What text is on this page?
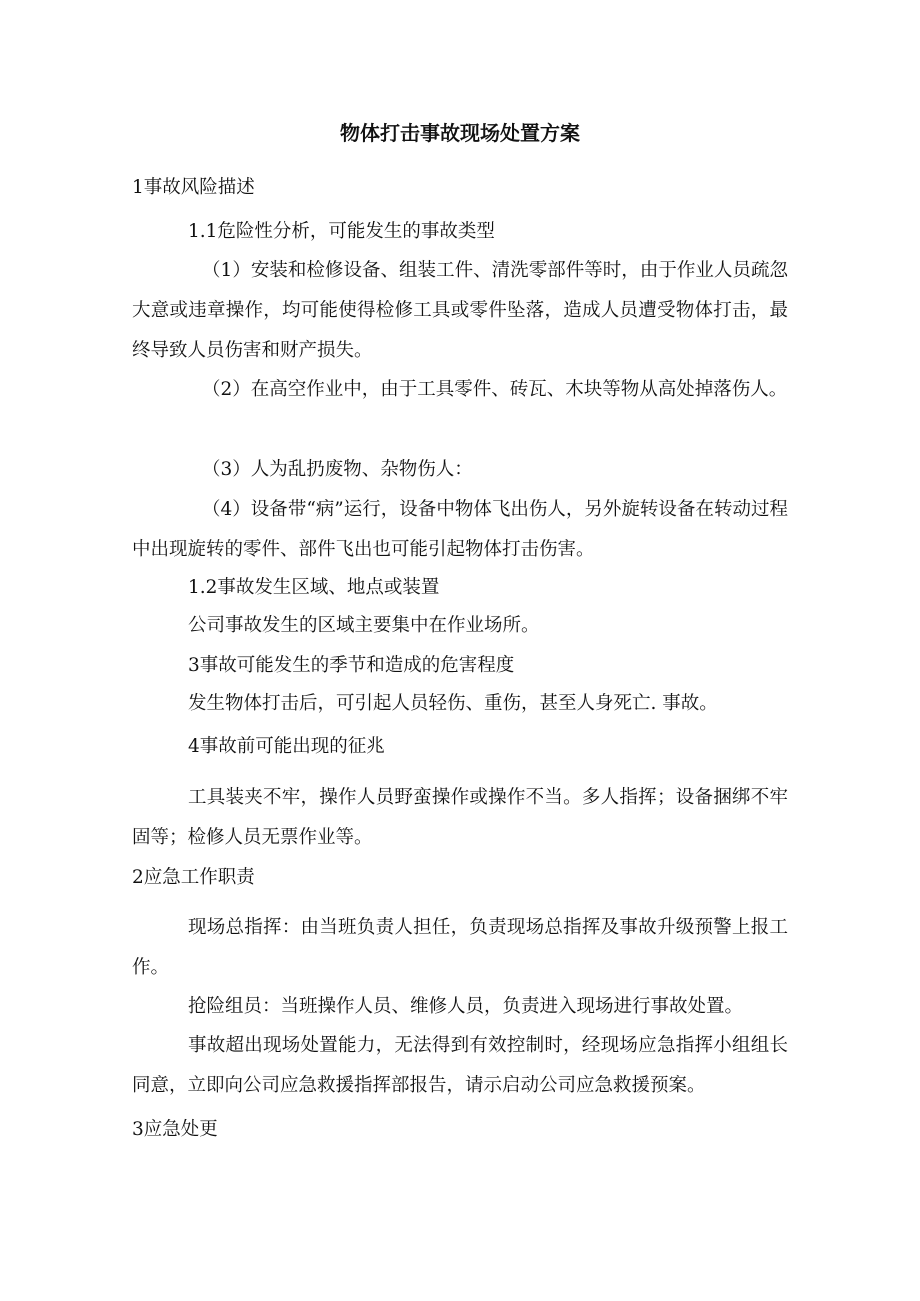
物体打击事故现场处置方案

1事故风险描述

1.1危险性分析，可能发生的事故类型

（1）安装和检修设备、组装工件、清洗零部件等时，由于作业人员疏忽大意或违章操作，均可能使得检修工具或零件坠落，造成人员遭受物体打击，最终导致人员伤害和财产损失。

（2）在高空作业中，由于工具零件、砖瓦、木块等物从高处掉落伤人。

（3）人为乱扔废物、杂物伤人：

（4）设备带“病”运行，设备中物体飞出伤人，另外旋转设备在转动过程中出现旋转的零件、部件飞出也可能引起物体打击伤害。

1.2事故发生区域、地点或装置

公司事故发生的区域主要集中在作业场所。

3事故可能发生的季节和造成的危害程度

发生物体打击后，可引起人员轻伤、重伤，甚至人身死亡. 事故。

4事故前可能出现的征兆

工具装夹不牢，操作人员野蛮操作或操作不当。多人指挥；设备捆绑不牢固等；检修人员无票作业等。

2应急工作职责

现场总指挥：由当班负责人担任，负责现场总指挥及事故升级预警上报工作。

抢险组员：当班操作人员、维修人员，负责进入现场进行事故处置。

事故超出现场处置能力，无法得到有效控制时，经现场应急指挥小组组长同意，立即向公司应急救援指挥部报告，请示启动公司应急救援预案。

3应急处更
